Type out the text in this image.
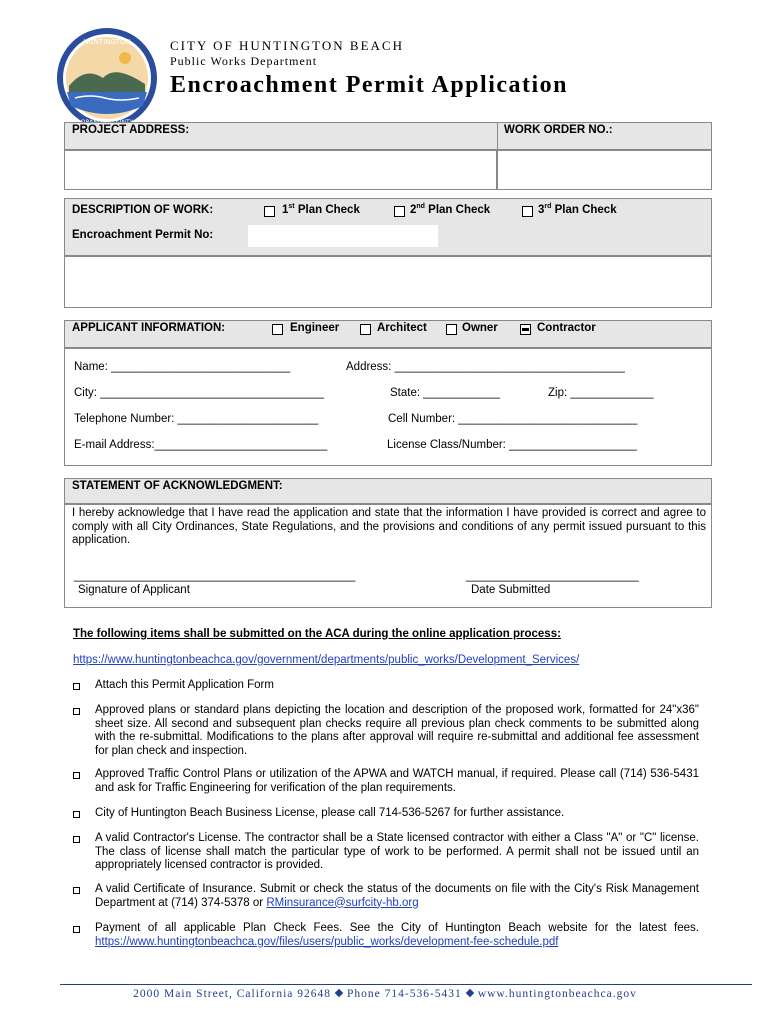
HUNTINGTON	CITY OF HUNTINGTON BEACH
Public Works Department
Encroachment Permit Application
PROJECT ADDRESS:	WORK ORDER NO.:
DESCRIPTION OF WORK:	1st Plan Check	2nd Plan Check	3rd Plan Check
Encroachment Permit No:
APPLICANT INFORMATION:	Engineer	Architect	Owner	Contractor
Name: ____________________________	Address: ____________________________________
City: ___________________________________	State: ____________	Zip: _____________
Telephone Number: ______________________	Cell Number: ____________________________
E-mail Address:___________________________	License Class/Number: ____________________
STATEMENT OF ACKNOWLEDGMENT:
I hereby acknowledge that I have read the application and state that the information I have provided is correct and agree to comply with all City Ordinances, State Regulations, and the provisions and conditions of any permit issued pursuant to this application.
____________________________________________	___________________________
Signature of Applicant	Date Submitted
The following items shall be submitted on the ACA during the online application process:
https://www.huntingtonbeachca.gov/government/departments/public_works/Development_Services/
Attach this Permit Application Form
Approved plans or standard plans depicting the location and description of the proposed work, formatted for 24"x36" sheet size. All second and subsequent plan checks require all previous plan check comments to be submitted along with the re-submittal. Modifications to the plans after approval will require re-submittal and additional fee assessment for plan check and inspection.
Approved Traffic Control Plans or utilization of the APWA and WATCH manual, if required. Please call (714) 536-5431 and ask for Traffic Engineering for verification of the plan requirements.
City of Huntington Beach Business License, please call 714-536-5267 for further assistance.
A valid Contractor's License. The contractor shall be a State licensed contractor with either a Class "A" or "C" license. The class of license shall match the particular type of work to be performed. A permit shall not be issued until an appropriately licensed contractor is provided.
A valid Certificate of Insurance. Submit or check the status of the documents on file with the City's Risk Management Department at (714) 374-5378 or RMinsurance@surfcity-hb.org
Payment of all applicable Plan Check Fees. See the City of Huntington Beach website for the latest fees. https://www.huntingtonbeachca.gov/files/users/public_works/development-fee-schedule.pdf
2000 Main Street, California 92648 Phone 714-536-5431 www.huntingtonbeachca.gov
